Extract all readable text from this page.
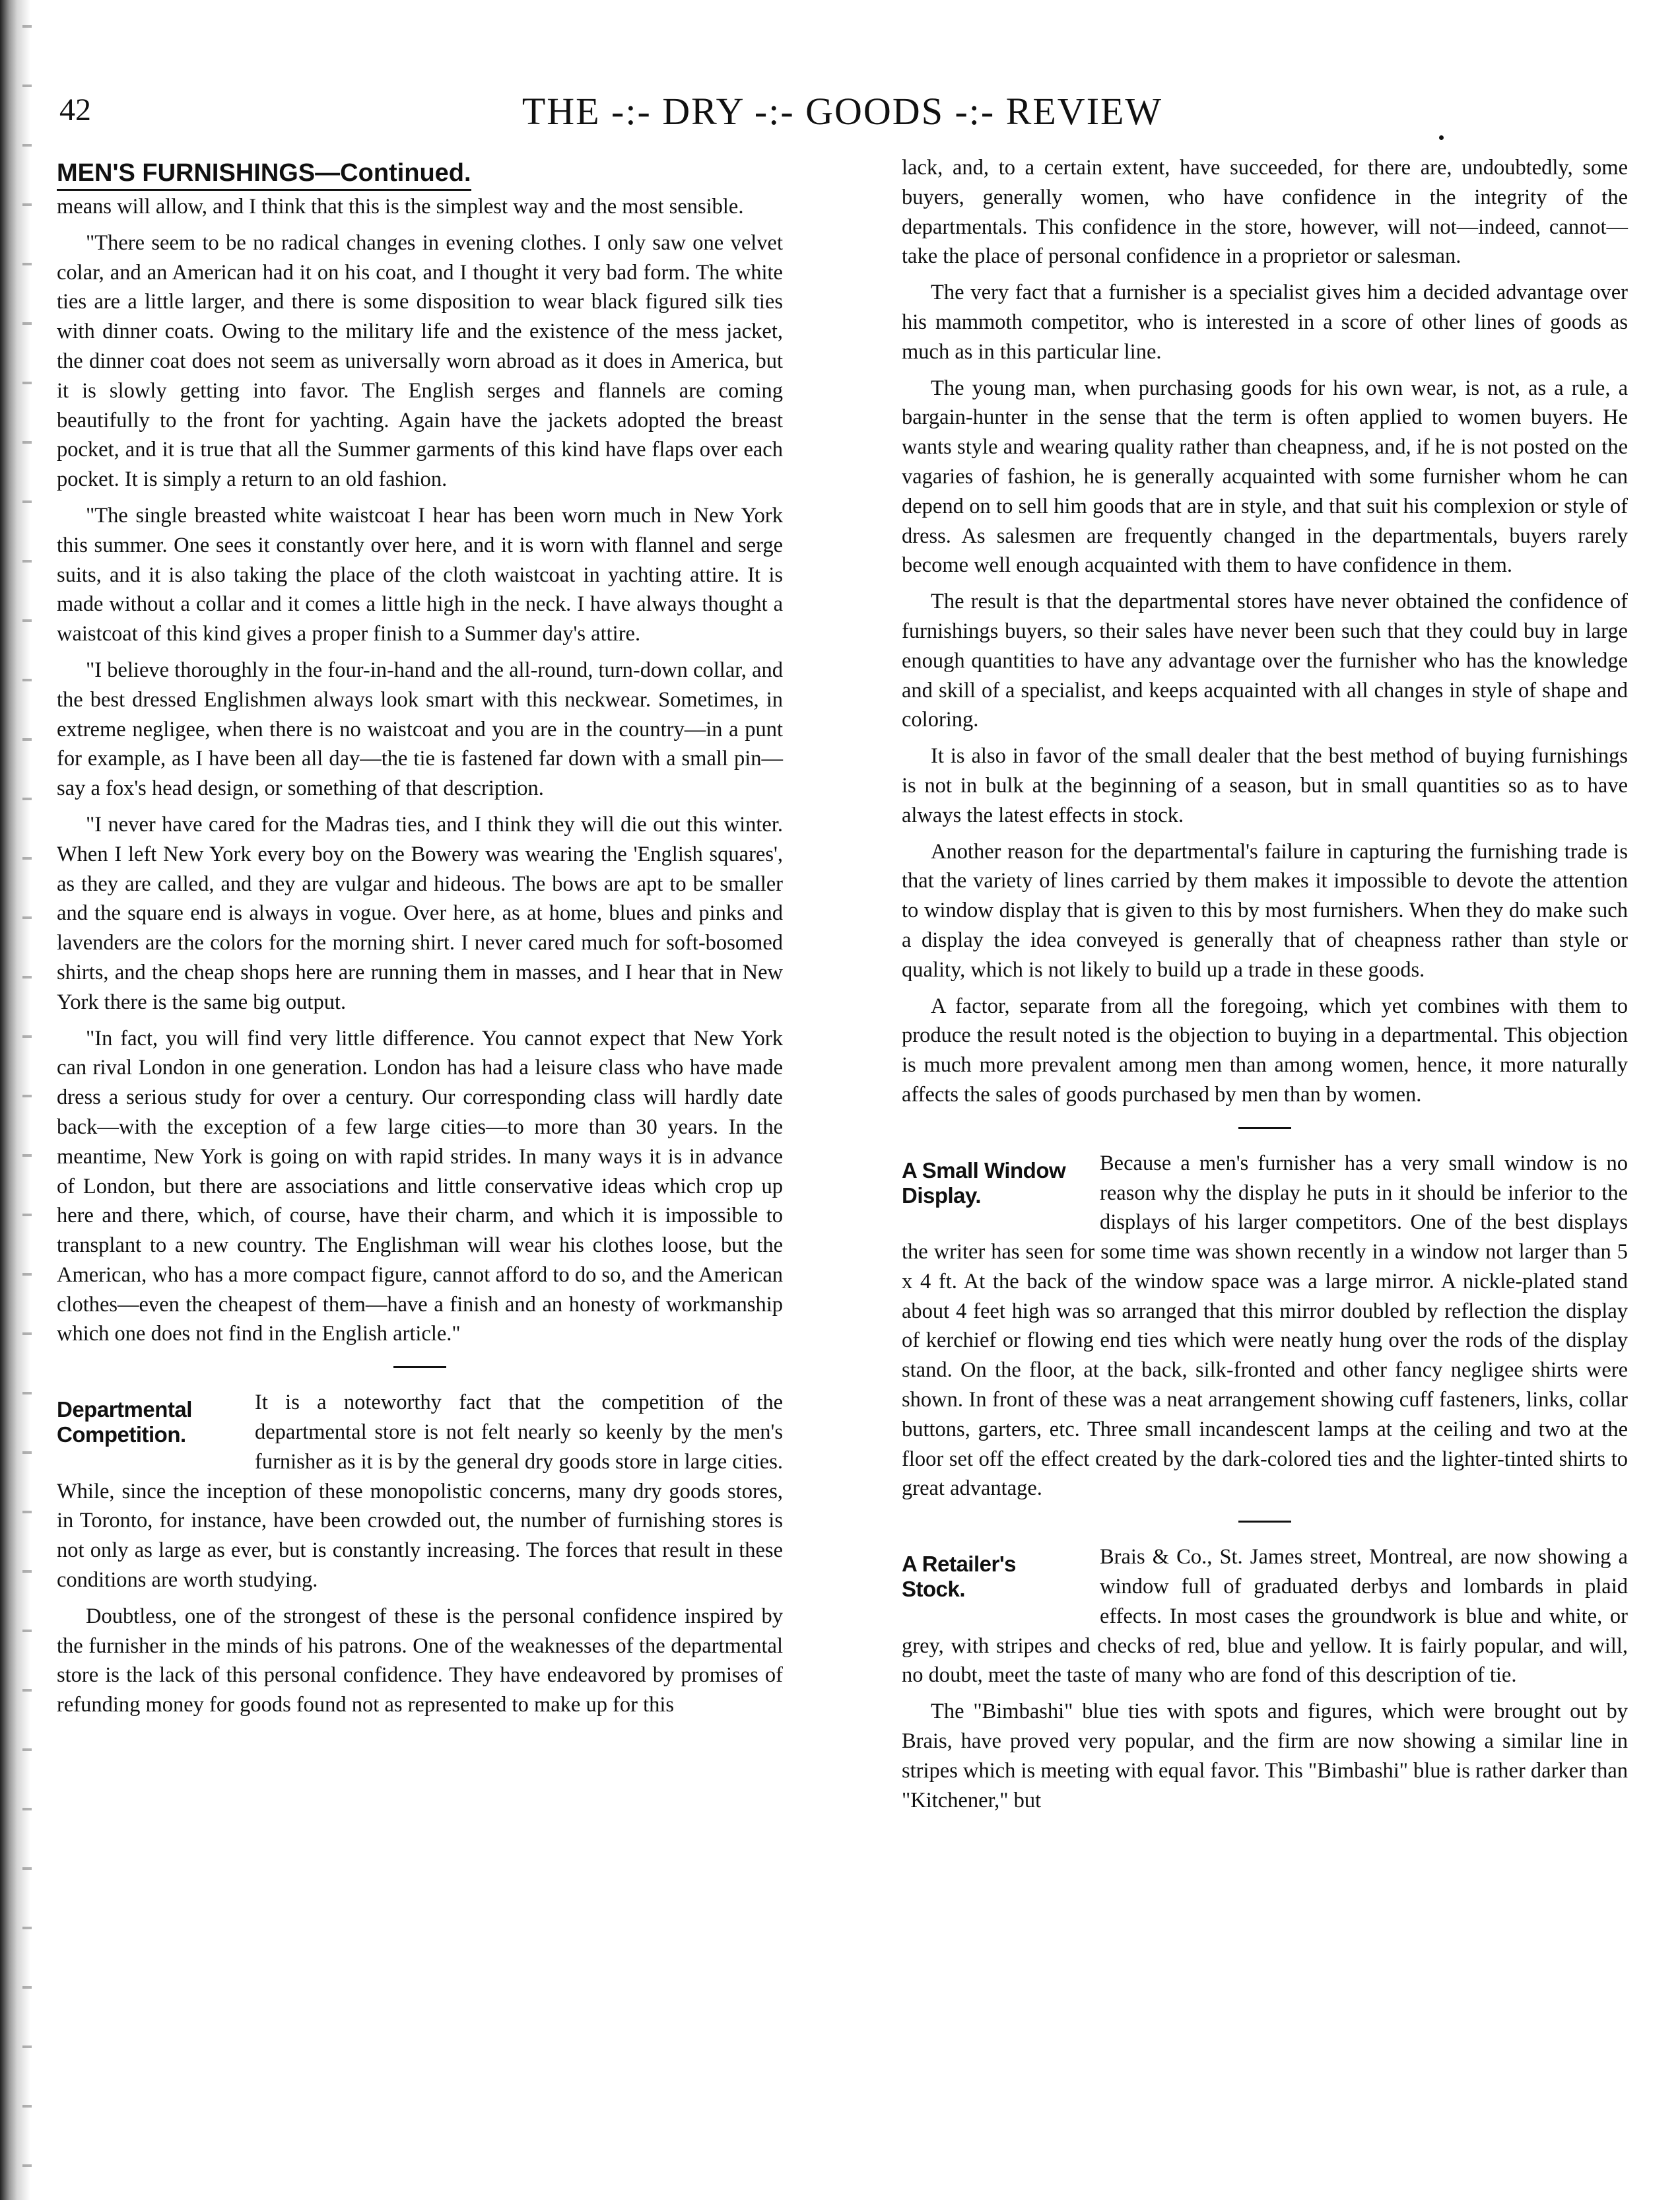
42	THE -:- DRY -:- GOODS -:- REVIEW
MEN'S FURNISHINGS—Continued.

means will allow, and I think that this is the simplest way and the most sensible.

"There seem to be no radical changes in evening clothes. I only saw one velvet colar, and an American had it on his coat, and I thought it very bad form. The white ties are a little larger, and there is some disposition to wear black figured silk ties with dinner coats. Owing to the military life and the existence of the mess jacket, the dinner coat does not seem as universally worn abroad as it does in America, but it is slowly getting into favor. The English serges and flannels are coming beautifully to the front for yachting. Again have the jackets adopted the breast pocket, and it is true that all the Summer garments of this kind have flaps over each pocket. It is simply a return to an old fashion.

"The single breasted white waistcoat I hear has been worn much in New York this summer. One sees it constantly over here, and it is worn with flannel and serge suits, and it is also taking the place of the cloth waistcoat in yachting attire. It is made without a collar and it comes a little high in the neck. I have always thought a waistcoat of this kind gives a proper finish to a Summer day's attire.

"I believe thoroughly in the four-in-hand and the all-round, turn-down collar, and the best dressed Englishmen always look smart with this neckwear. Sometimes, in extreme negligee, when there is no waistcoat and you are in the country—in a punt for example, as I have been all day—the tie is fastened far down with a small pin—say a fox's head design, or something of that description.

"I never have cared for the Madras ties, and I think they will die out this winter. When I left New York every boy on the Bowery was wearing the 'English squares', as they are called, and they are vulgar and hideous. The bows are apt to be smaller and the square end is always in vogue. Over here, as at home, blues and pinks and lavenders are the colors for the morning shirt. I never cared much for soft-bosomed shirts, and the cheap shops here are running them in masses, and I hear that in New York there is the same big output.

"In fact, you will find very little difference. You cannot expect that New York can rival London in one generation. London has had a leisure class who have made dress a serious study for over a century. Our corresponding class will hardly date back—with the exception of a few large cities—to more than 30 years. In the meantime, New York is going on with rapid strides. In many ways it is in advance of London, but there are associations and little conservative ideas which crop up here and there, which, of course, have their charm, and which it is impossible to transplant to a new country. The Englishman will wear his clothes loose, but the American, who has a more compact figure, cannot afford to do so, and the American clothes—even the cheapest of them—have a finish and an honesty of workmanship which one does not find in the English article."

Departmental
Competition.

It is a noteworthy fact that the competition of the departmental store is not felt nearly so keenly by the men's furnisher as it is by the general dry goods store in large cities. While, since the inception of these monopolistic concerns, many dry goods stores, in Toronto, for instance, have been crowded out, the number of furnishing stores is not only as large as ever, but is constantly increasing. The forces that result in these conditions are worth studying.

Doubtless, one of the strongest of these is the personal confidence inspired by the furnisher in the minds of his patrons. One of the weaknesses of the departmental store is the lack of this personal confidence. They have endeavored by promises of refunding money for goods found not as represented to make up for this

lack, and, to a certain extent, have succeeded, for there are, undoubtedly, some buyers, generally women, who have confidence in the integrity of the departmentals. This confidence in the store, however, will not—indeed, cannot—take the place of personal confidence in a proprietor or salesman.

The very fact that a furnisher is a specialist gives him a decided advantage over his mammoth competitor, who is interested in a score of other lines of goods as much as in this particular line.

The young man, when purchasing goods for his own wear, is not, as a rule, a bargain-hunter in the sense that the term is often applied to women buyers. He wants style and wearing quality rather than cheapness, and, if he is not posted on the vagaries of fashion, he is generally acquainted with some furnisher whom he can depend on to sell him goods that are in style, and that suit his complexion or style of dress. As salesmen are frequently changed in the departmentals, buyers rarely become well enough acquainted with them to have confidence in them.

The result is that the departmental stores have never obtained the confidence of furnishings buyers, so their sales have never been such that they could buy in large enough quantities to have any advantage over the furnisher who has the knowledge and skill of a specialist, and keeps acquainted with all changes in style of shape and coloring.

It is also in favor of the small dealer that the best method of buying furnishings is not in bulk at the beginning of a season, but in small quantities so as to have always the latest effects in stock.

Another reason for the departmental's failure in capturing the furnishing trade is that the variety of lines carried by them makes it impossible to devote the attention to window display that is given to this by most furnishers. When they do make such a display the idea conveyed is generally that of cheapness rather than style or quality, which is not likely to build up a trade in these goods.

A factor, separate from all the foregoing, which yet combines with them to produce the result noted is the objection to buying in a departmental. This objection is much more prevalent among men than among women, hence, it more naturally affects the sales of goods purchased by men than by women.

A Small Window
Display.

Because a men's furnisher has a very small window is no reason why the display he puts in it should be inferior to the displays of his larger competitors. One of the best displays the writer has seen for some time was shown recently in a window not larger than 5 x 4 ft. At the back of the window space was a large mirror. A nickle-plated stand about 4 feet high was so arranged that this mirror doubled by reflection the display of kerchief or flowing end ties which were neatly hung over the rods of the display stand. On the floor, at the back, silk-fronted and other fancy negligee shirts were shown. In front of these was a neat arrangement showing cuff fasteners, links, collar buttons, garters, etc. Three small incandescent lamps at the ceiling and two at the floor set off the effect created by the dark-colored ties and the lighter-tinted shirts to great advantage.

A Retailer's
Stock.

Brais & Co., St. James street, Montreal, are now showing a window full of graduated derbys and lombards in plaid effects. In most cases the groundwork is blue and white, or grey, with stripes and checks of red, blue and yellow. It is fairly popular, and will, no doubt, meet the taste of many who are fond of this description of tie.

The "Bimbashi" blue ties with spots and figures, which were brought out by Brais, have proved very popular, and the firm are now showing a similar line in stripes which is meeting with equal favor. This "Bimbashi" blue is rather darker than "Kitchener," but
